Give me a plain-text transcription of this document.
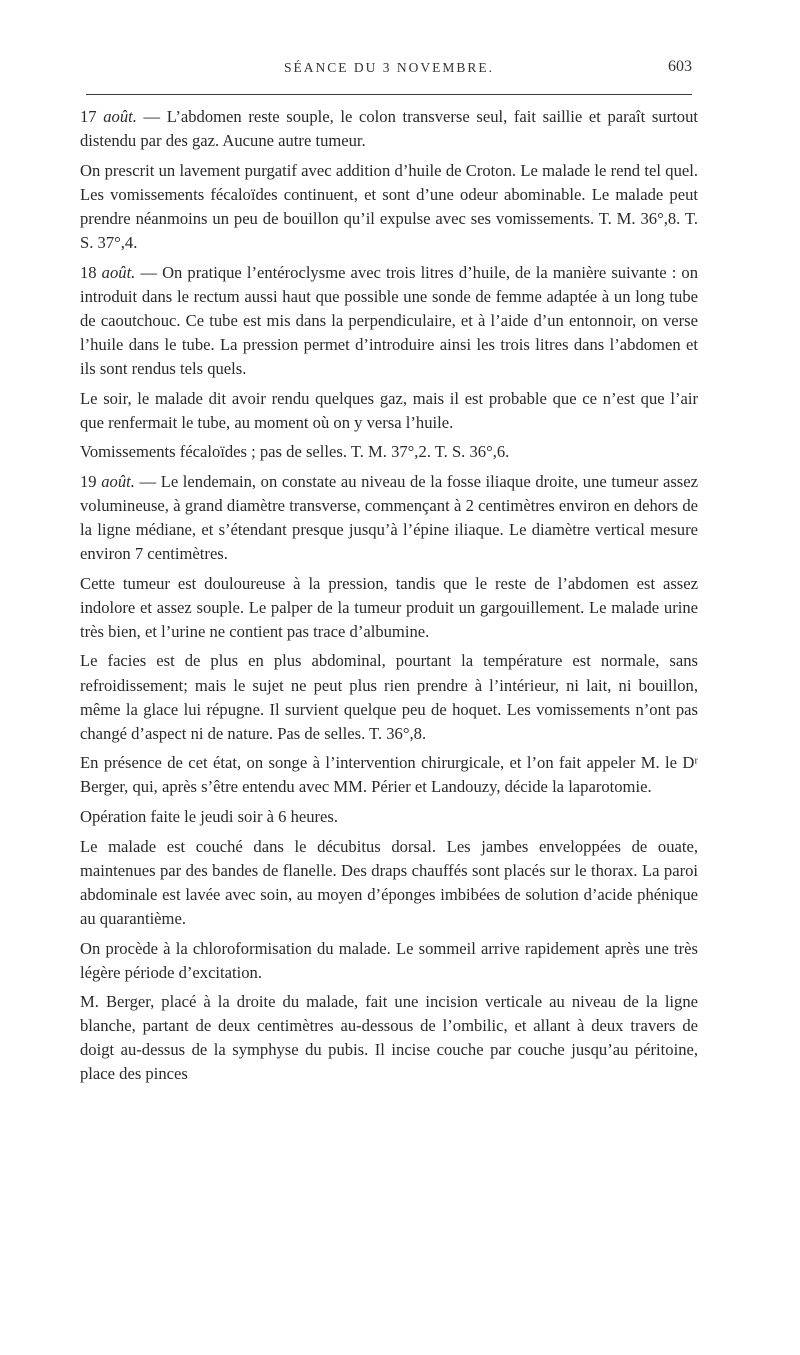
SÉANCE DU 3 NOVEMBRE.	603

17 août. — L’abdomen reste souple, le colon transverse seul, fait saillie et paraît surtout distendu par des gaz. Aucune autre tumeur.

On prescrit un lavement purgatif avec addition d’huile de Croton. Le malade le rend tel quel. Les vomissements fécaloïdes continuent, et sont d’une odeur abominable. Le malade peut prendre néanmoins un peu de bouillon qu’il expulse avec ses vomissements. T. M. 36°,8. T. S. 37°,4.

18 août. — On pratique l’entéroclysme avec trois litres d’huile, de la manière suivante : on introduit dans le rectum aussi haut que possible une sonde de femme adaptée à un long tube de caoutchouc. Ce tube est mis dans la perpendiculaire, et à l’aide d’un entonnoir, on verse l’huile dans le tube. La pression permet d’introduire ainsi les trois litres dans l’abdomen et ils sont rendus tels quels.

Le soir, le malade dit avoir rendu quelques gaz, mais il est probable que ce n’est que l’air que renfermait le tube, au moment où on y versa l’huile.

Vomissements fécaloïdes ; pas de selles. T. M. 37°,2. T. S. 36°,6.

19 août. — Le lendemain, on constate au niveau de la fosse iliaque droite, une tumeur assez volumineuse, à grand diamètre transverse, commençant à 2 centimètres environ en dehors de la ligne médiane, et s’étendant presque jusqu’à l’épine iliaque. Le diamètre vertical mesure environ 7 centimètres.

Cette tumeur est douloureuse à la pression, tandis que le reste de l’abdomen est assez indolore et assez souple. Le palper de la tumeur produit un gargouillement. Le malade urine très bien, et l’urine ne contient pas trace d’albumine.

Le facies est de plus en plus abdominal, pourtant la température est normale, sans refroidissement; mais le sujet ne peut plus rien prendre à l’intérieur, ni lait, ni bouillon, même la glace lui répugne. Il survient quelque peu de hoquet. Les vomissements n’ont pas changé d’aspect ni de nature. Pas de selles. T. 36°,8.

En présence de cet état, on songe à l’intervention chirurgicale, et l’on fait appeler M. le Dʳ Berger, qui, après s’être entendu avec MM. Périer et Landouzy, décide la laparotomie.

Opération faite le jeudi soir à 6 heures.

Le malade est couché dans le décubitus dorsal. Les jambes enveloppées de ouate, maintenues par des bandes de flanelle. Des draps chauffés sont placés sur le thorax. La paroi abdominale est lavée avec soin, au moyen d’éponges imbibées de solution d’acide phénique au quarantième.

On procède à la chloroformisation du malade. Le sommeil arrive rapidement après une très légère période d’excitation.

M. Berger, placé à la droite du malade, fait une incision verticale au niveau de la ligne blanche, partant de deux centimètres au-dessous de l’ombilic, et allant à deux travers de doigt au-dessus de la symphyse du pubis. Il incise couche par couche jusqu’au péritoine, place des pinces
